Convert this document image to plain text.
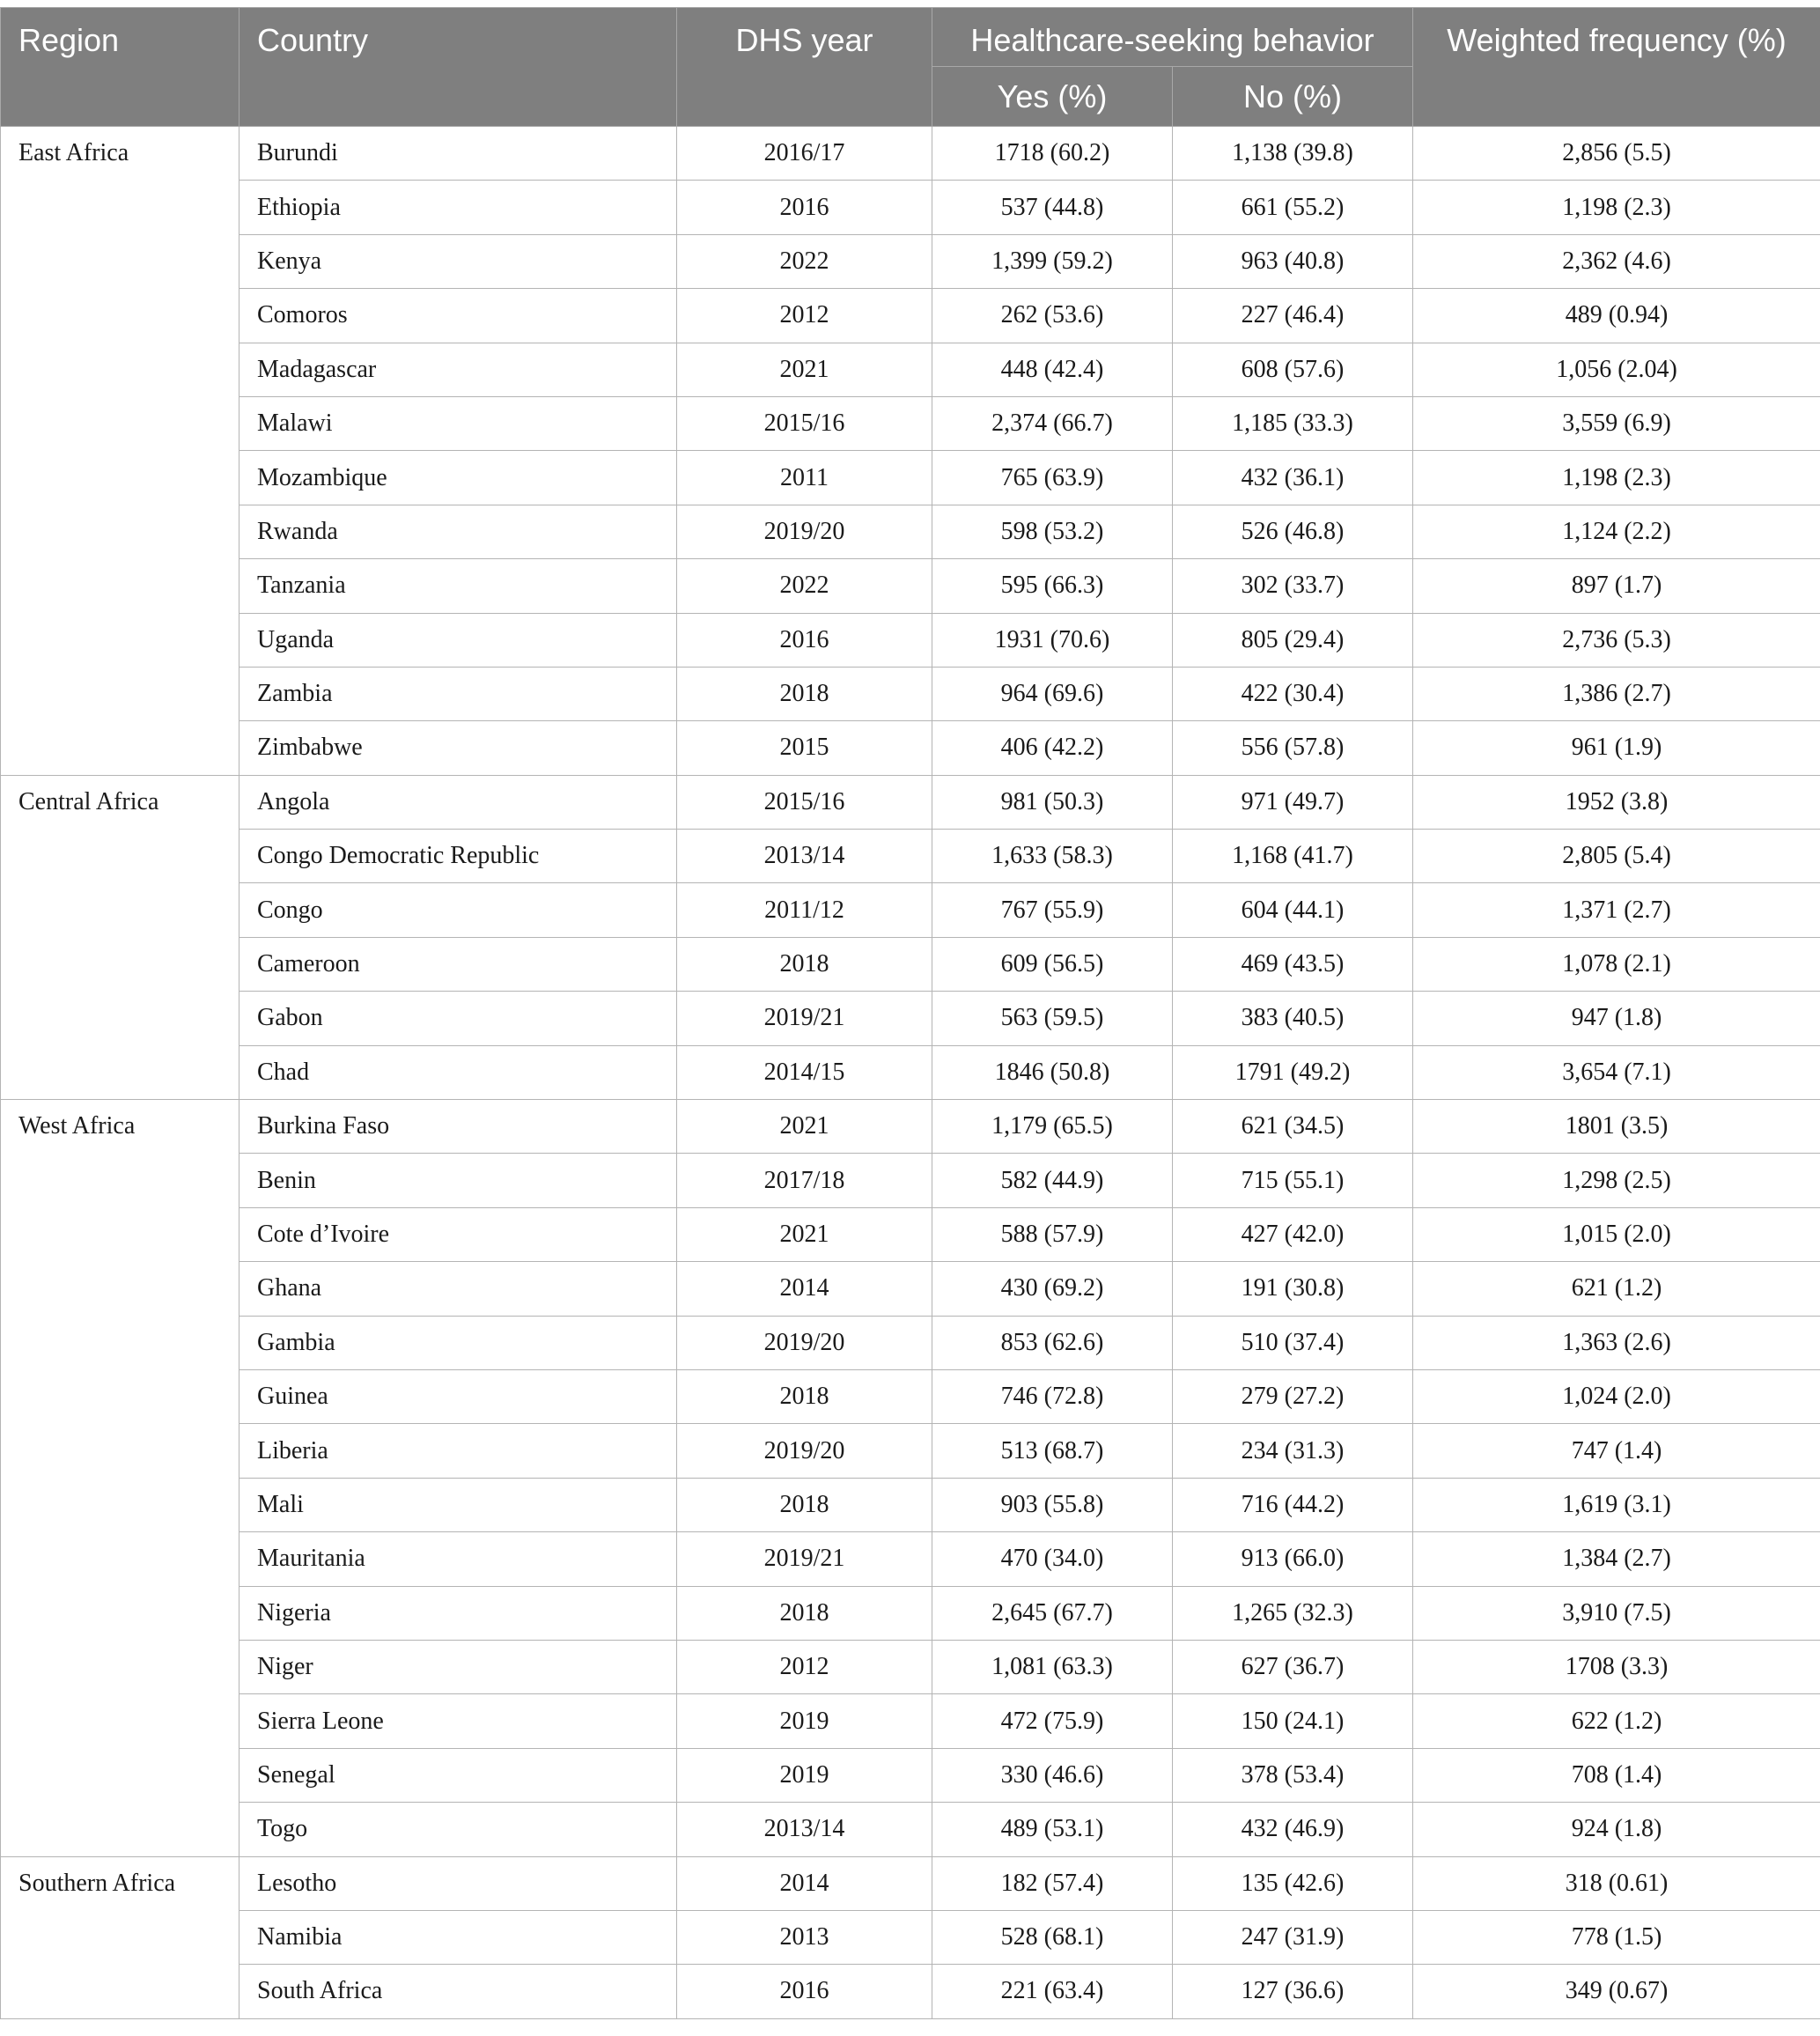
Region	Country	DHS year	Healthcare-seeking behavior		Weighted frequency (%)
			Yes (%)	No (%)	
East Africa	Burundi	2016/17	1718 (60.2)	1,138 (39.8)	2,856 (5.5)
	Ethiopia	2016	537 (44.8)	661 (55.2)	1,198 (2.3)
	Kenya	2022	1,399 (59.2)	963 (40.8)	2,362 (4.6)
	Comoros	2012	262 (53.6)	227 (46.4)	489 (0.94)
	Madagascar	2021	448 (42.4)	608 (57.6)	1,056 (2.04)
	Malawi	2015/16	2,374 (66.7)	1,185 (33.3)	3,559 (6.9)
	Mozambique	2011	765 (63.9)	432 (36.1)	1,198 (2.3)
	Rwanda	2019/20	598 (53.2)	526 (46.8)	1,124 (2.2)
	Tanzania	2022	595 (66.3)	302 (33.7)	897 (1.7)
	Uganda	2016	1931 (70.6)	805 (29.4)	2,736 (5.3)
	Zambia	2018	964 (69.6)	422 (30.4)	1,386 (2.7)
	Zimbabwe	2015	406 (42.2)	556 (57.8)	961 (1.9)
Central Africa	Angola	2015/16	981 (50.3)	971 (49.7)	1952 (3.8)
	Congo Democratic Republic	2013/14	1,633 (58.3)	1,168 (41.7)	2,805 (5.4)
	Congo	2011/12	767 (55.9)	604 (44.1)	1,371 (2.7)
	Cameroon	2018	609 (56.5)	469 (43.5)	1,078 (2.1)
	Gabon	2019/21	563 (59.5)	383 (40.5)	947 (1.8)
	Chad	2014/15	1846 (50.8)	1791 (49.2)	3,654 (7.1)
West Africa	Burkina Faso	2021	1,179 (65.5)	621 (34.5)	1801 (3.5)
	Benin	2017/18	582 (44.9)	715 (55.1)	1,298 (2.5)
	Cote d’Ivoire	2021	588 (57.9)	427 (42.0)	1,015 (2.0)
	Ghana	2014	430 (69.2)	191 (30.8)	621 (1.2)
	Gambia	2019/20	853 (62.6)	510 (37.4)	1,363 (2.6)
	Guinea	2018	746 (72.8)	279 (27.2)	1,024 (2.0)
	Liberia	2019/20	513 (68.7)	234 (31.3)	747 (1.4)
	Mali	2018	903 (55.8)	716 (44.2)	1,619 (3.1)
	Mauritania	2019/21	470 (34.0)	913 (66.0)	1,384 (2.7)
	Nigeria	2018	2,645 (67.7)	1,265 (32.3)	3,910 (7.5)
	Niger	2012	1,081 (63.3)	627 (36.7)	1708 (3.3)
	Sierra Leone	2019	472 (75.9)	150 (24.1)	622 (1.2)
	Senegal	2019	330 (46.6)	378 (53.4)	708 (1.4)
	Togo	2013/14	489 (53.1)	432 (46.9)	924 (1.8)
Southern Africa	Lesotho	2014	182 (57.4)	135 (42.6)	318 (0.61)
	Namibia	2013	528 (68.1)	247 (31.9)	778 (1.5)
	South Africa	2016	221 (63.4)	127 (36.6)	349 (0.67)
